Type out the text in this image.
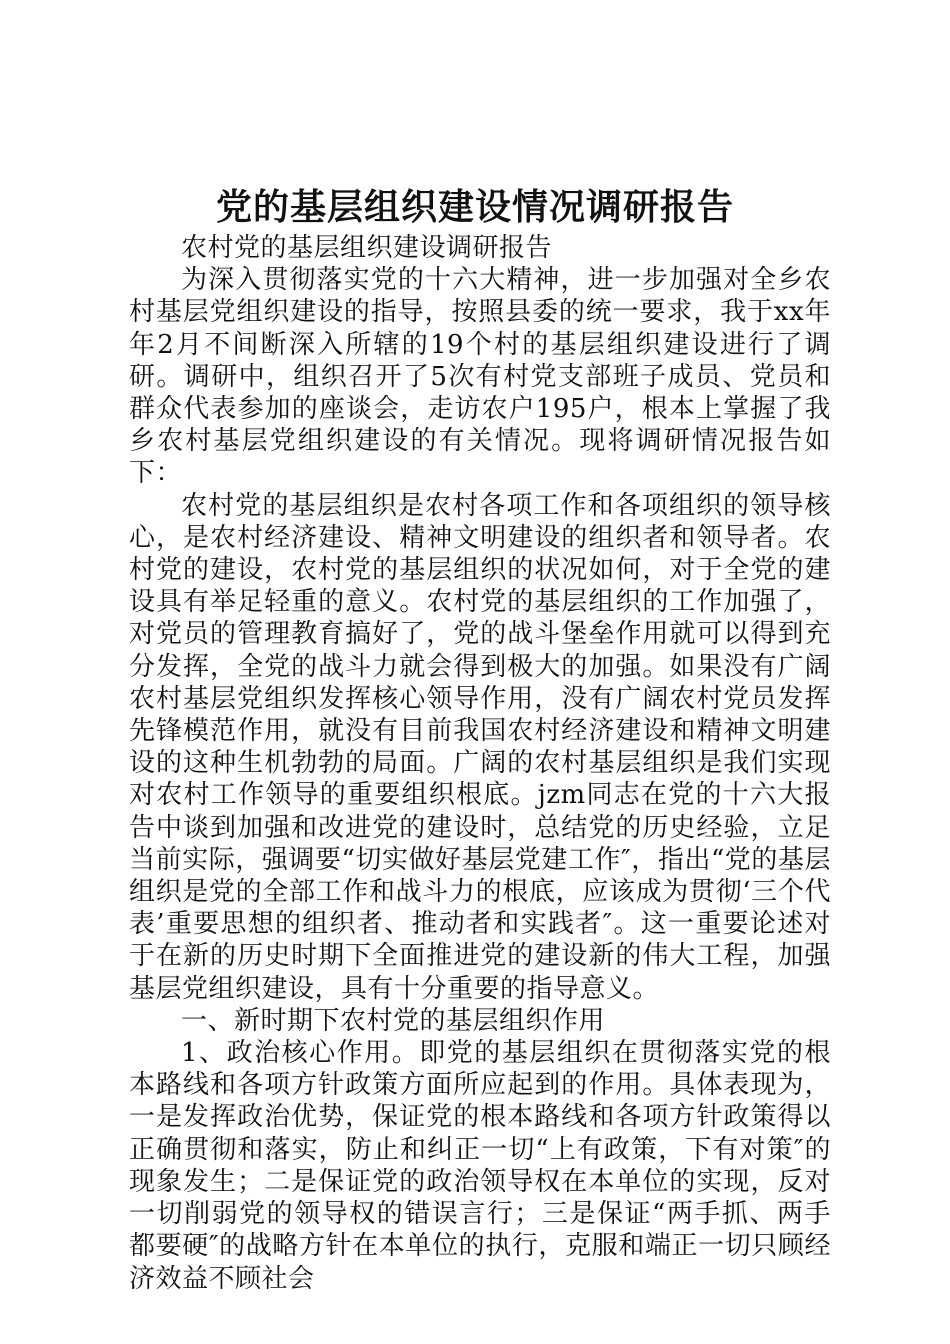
党的基层组织建设情况调研报告

农村党的基层组织建设调研报告

为深入贯彻落实党的十六大精神，进一步加强对全乡农村基层党组织建设的指导，按照县委的统一要求，我于xx年年2月不间断深入所辖的19个村的基层组织建设进行了调研。调研中，组织召开了5次有村党支部班子成员、党员和群众代表参加的座谈会，走访农户195户，根本上掌握了我乡农村基层党组织建设的有关情况。现将调研情况报告如下：

农村党的基层组织是农村各项工作和各项组织的领导核心，是农村经济建设、精神文明建设的组织者和领导者。农村党的建设，农村党的基层组织的状况如何，对于全党的建设具有举足轻重的意义。农村党的基层组织的工作加强了，对党员的管理教育搞好了，党的战斗堡垒作用就可以得到充分发挥，全党的战斗力就会得到极大的加强。如果没有广阔农村基层党组织发挥核心领导作用，没有广阔农村党员发挥先锋模范作用，就没有目前我国农村经济建设和精神文明建设的这种生机勃勃的局面。广阔的农村基层组织是我们实现对农村工作领导的重要组织根底。jzm同志在党的十六大报告中谈到加强和改进党的建设时，总结党的历史经验，立足当前实际，强调要“切实做好基层党建工作″，指出“党的基层组织是党的全部工作和战斗力的根底，应该成为贯彻‘三个代表’重要思想的组织者、推动者和实践者″。这一重要论述对于在新的历史时期下全面推进党的建设新的伟大工程，加强基层党组织建设，具有十分重要的指导意义。

一、新时期下农村党的基层组织作用

1、政治核心作用。即党的基层组织在贯彻落实党的根本路线和各项方针政策方面所应起到的作用。具体表现为，一是发挥政治优势，保证党的根本路线和各项方针政策得以正确贯彻和落实，防止和纠正一切“上有政策，下有对策″的现象发生；二是保证党的政治领导权在本单位的实现，反对一切削弱党的领导权的错误言行；三是保证“两手抓、两手都要硬″的战略方针在本单位的执行，克服和端正一切只顾经济效益不顾社会
